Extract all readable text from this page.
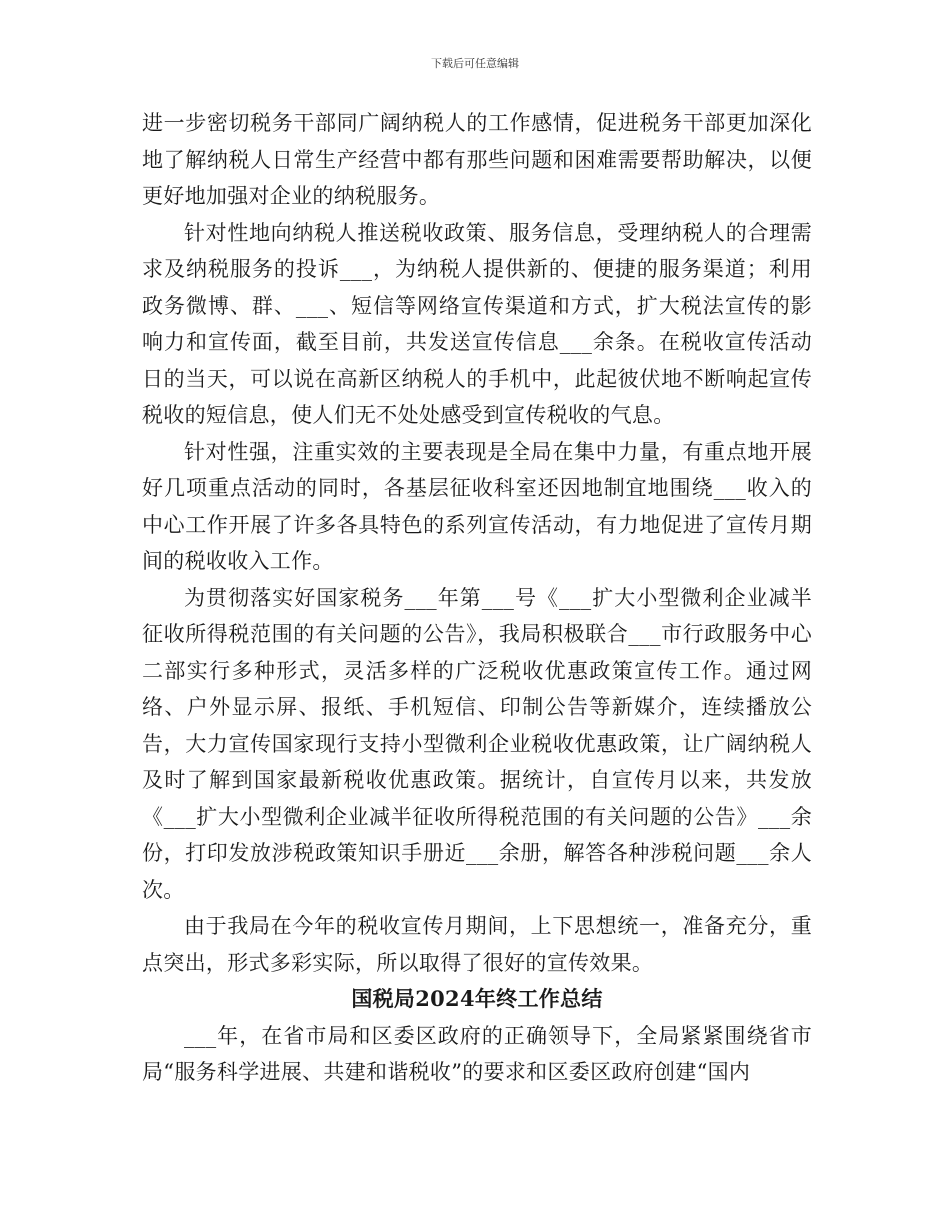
下载后可任意编辑

进一步密切税务干部同广阔纳税人的工作感情，促进税务干部更加深化地了解纳税人日常生产经营中都有那些问题和困难需要帮助解决，以便更好地加强对企业的纳税服务。

针对性地向纳税人推送税收政策、服务信息，受理纳税人的合理需求及纳税服务的投诉___，为纳税人提供新的、便捷的服务渠道；利用政务微博、群、___、短信等网络宣传渠道和方式，扩大税法宣传的影响力和宣传面，截至目前，共发送宣传信息___余条。在税收宣传活动日的当天，可以说在高新区纳税人的手机中，此起彼伏地不断响起宣传税收的短信息，使人们无不处处感受到宣传税收的气息。

针对性强，注重实效的主要表现是全局在集中力量，有重点地开展好几项重点活动的同时，各基层征收科室还因地制宜地围绕___收入的中心工作开展了许多各具特色的系列宣传活动，有力地促进了宣传月期间的税收收入工作。

为贯彻落实好国家税务___年第___号《___扩大小型微利企业减半征收所得税范围的有关问题的公告》，我局积极联合___市行政服务中心二部实行多种形式，灵活多样的广泛税收优惠政策宣传工作。通过网络、户外显示屏、报纸、手机短信、印制公告等新媒介，连续播放公告，大力宣传国家现行支持小型微利企业税收优惠政策，让广阔纳税人及时了解到国家最新税收优惠政策。据统计，自宣传月以来，共发放《___扩大小型微利企业减半征收所得税范围的有关问题的公告》___余份，打印发放涉税政策知识手册近___余册，解答各种涉税问题___余人次。

由于我局在今年的税收宣传月期间，上下思想统一，准备充分，重点突出，形式多彩实际，所以取得了很好的宣传效果。

国税局2024年终工作总结

___年，在省市局和区委区政府的正确领导下，全局紧紧围绕省市局“服务科学进展、共建和谐税收”的要求和区委区政府创建“国内
